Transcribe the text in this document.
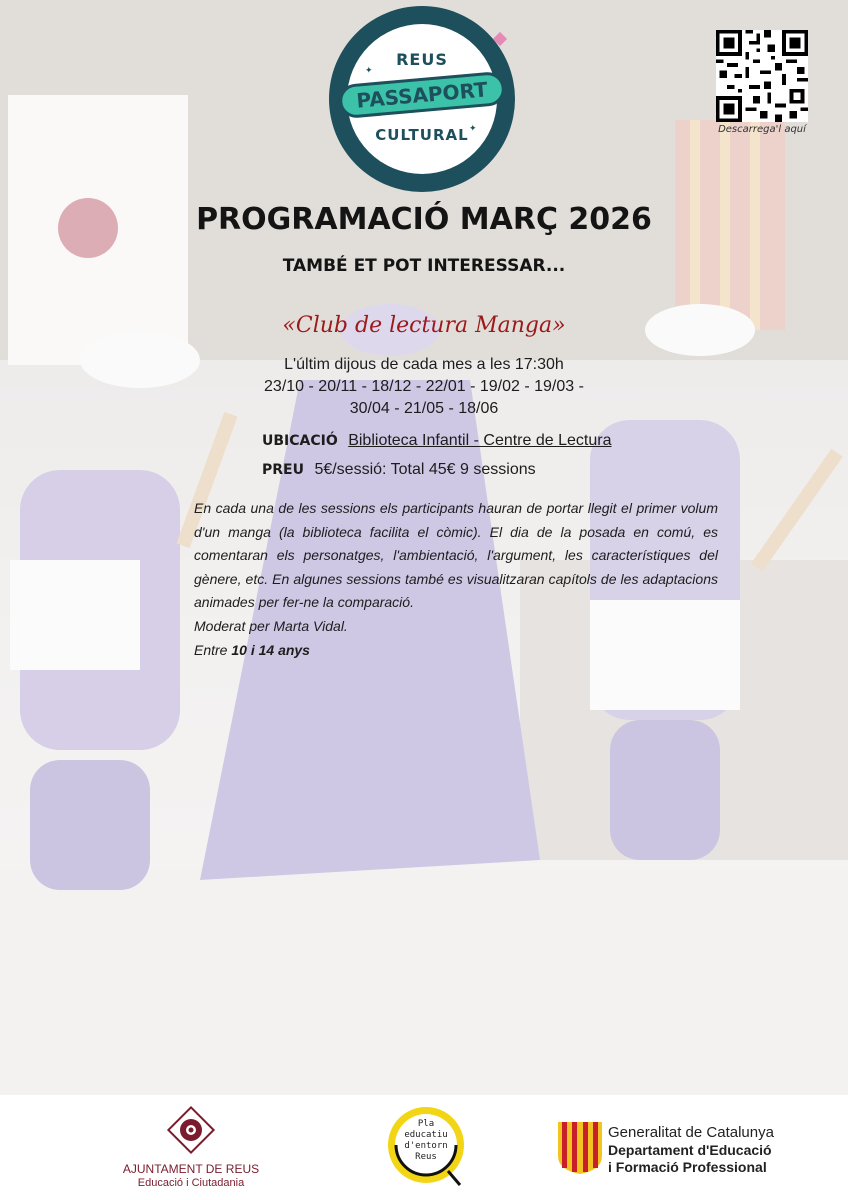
✦
✦
REUS
PASSAPORT
CULTURAL	Descarrega'l aquí
PROGRAMACIÓ MARÇ 2026
TAMBÉ ET POT INTERESSAR...
«Club de lectura Manga»
L'últim dijous de cada mes a les 17:30h
23/10 - 20/11 - 18/12 - 22/01 - 19/02 - 19/03 -
30/04 - 21/05 - 18/06
UBICACIÓ Biblioteca Infantil - Centre de Lectura
PREU 5€/sessió: Total 45€ 9 sessions

En cada una de les sessions els participants hauran de portar llegit el primer volum d'un manga (la biblioteca facilita el còmic). El dia de la posada en comú, es comentaran els personatges, l'ambientació, l'argument, les característiques del gènere, etc. En algunes sessions també es visualitzaran capítols de les adaptacions animades per fer-ne la comparació.

Moderat per Marta Vidal.

Entre 10 i 14 anys

AJUNTAMENT DE REUS
Educació i Ciutadania
Pla
educatiu
d'entorn
Reus
Generalitat de Catalunya
Departament d'Educació
i Formació Professional
